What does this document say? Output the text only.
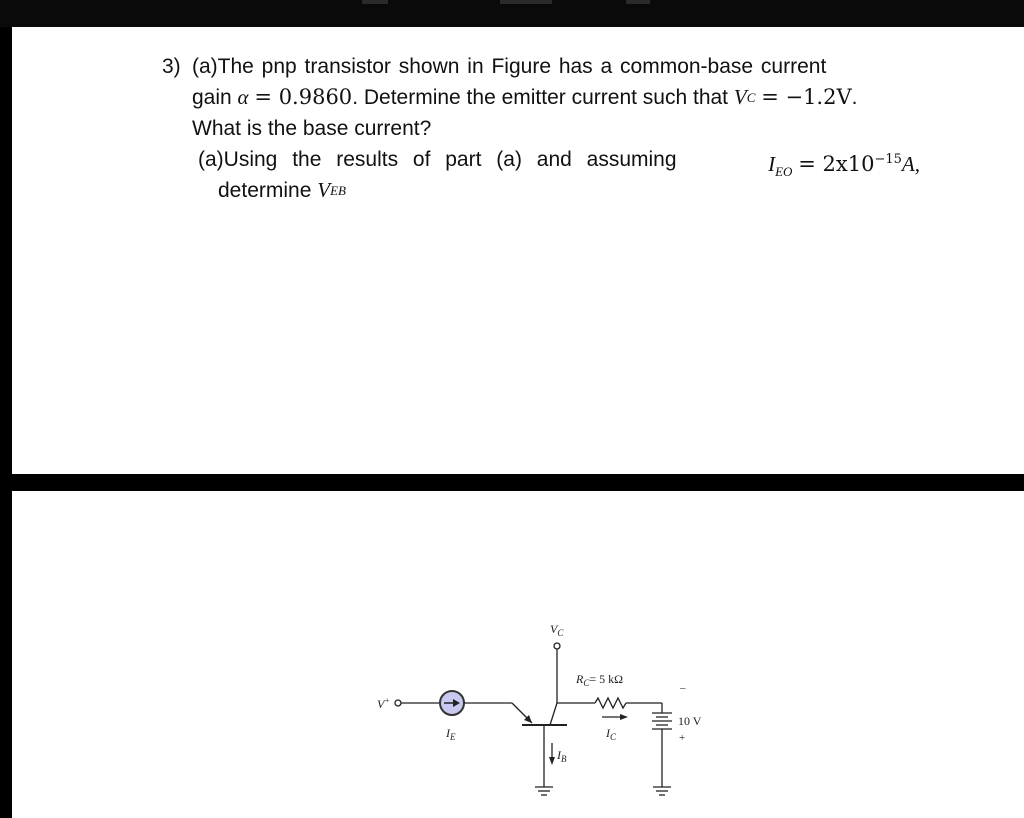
3) (a)The pnp transistor shown in Figure has a common-base current
gain
α
= 0.9860 . Determine the emitter current such that
V C
= −1.2V .
What is the base current?
(a)Using the results of part (a) and assuming	$I_{EO} = 2x10^{-15}A$,
determine
V EB
$V_C$
$R_C= 5$ kΩ
V+
$I_E$
$I_B$
$I_C$
10 V
–
+
